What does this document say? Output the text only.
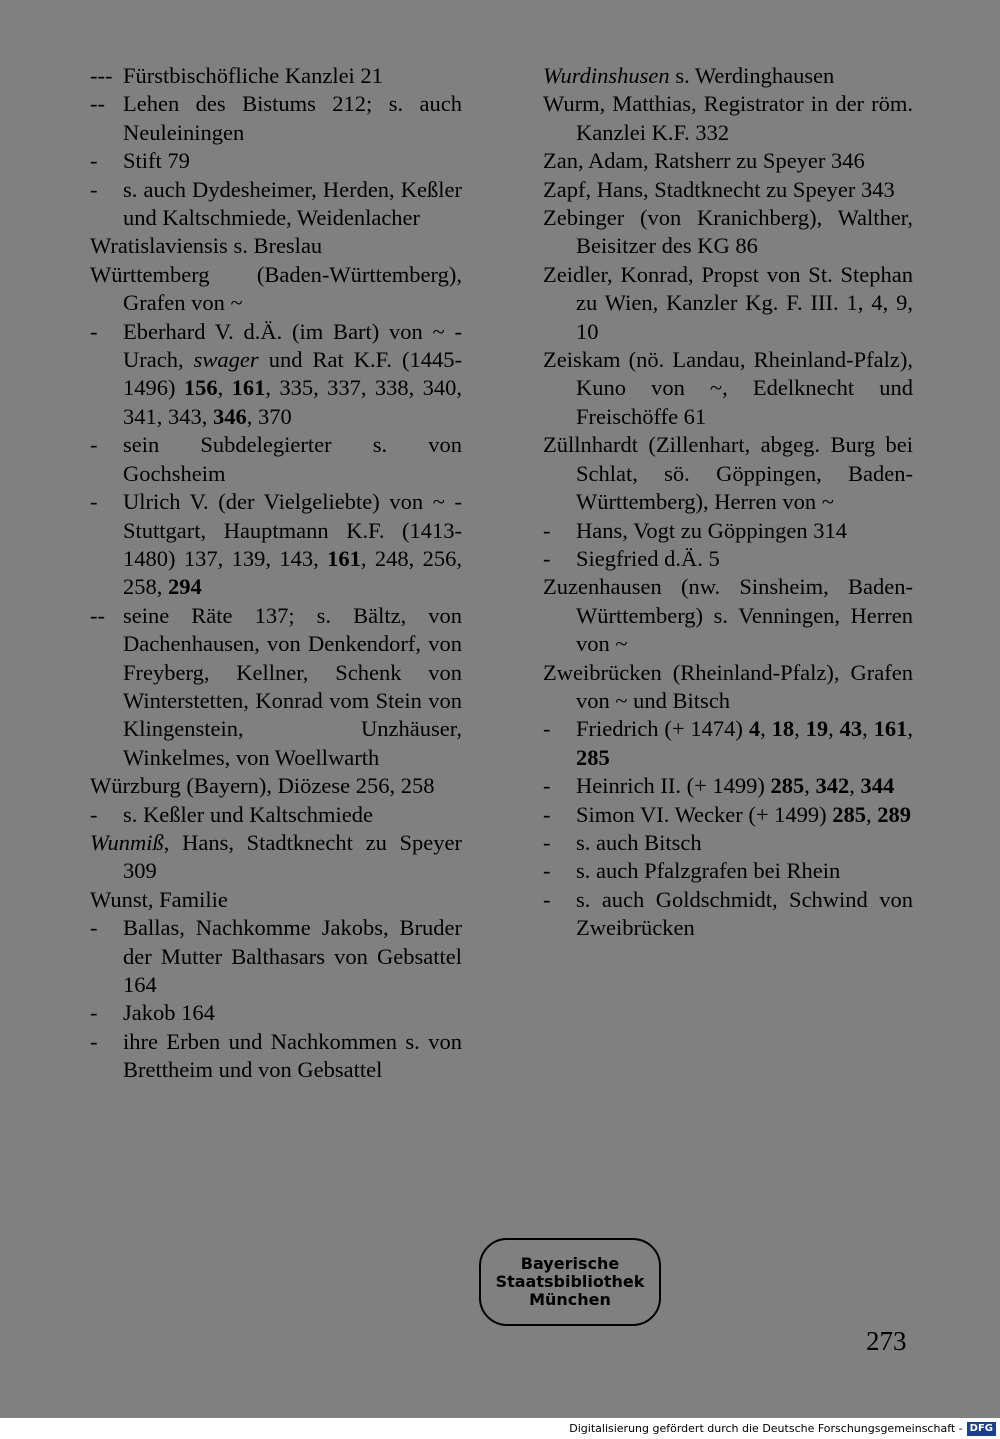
--- Fürstbischöfliche Kanzlei 21
-- Lehen des Bistums 212; s. auch Neuleiningen
- Stift 79
- s. auch Dydesheimer, Herden, Keßler und Kaltschmiede, Weidenlacher
Wratislaviensis s. Breslau
Württemberg (Baden-Württemberg), Grafen von ~
- Eberhard V. d.Ä. (im Bart) von ~ -Urach, swager und Rat K.F. (1445-1496) 156, 161, 335, 337, 338, 340, 341, 343, 346, 370
- sein Subdelegierter s. von Gochsheim
- Ulrich V. (der Vielgeliebte) von ~ -Stuttgart, Hauptmann K.F. (1413-1480) 137, 139, 143, 161, 248, 256, 258, 294
-- seine Räte 137; s. Bältz, von Dachenhausen, von Denkendorf, von Freyberg, Kellner, Schenk von Winterstetten, Konrad vom Stein von Klingenstein, Unzhäuser, Winkelmes, von Woellwarth
Würzburg (Bayern), Diözese 256, 258
- s. Keßler und Kaltschmiede
Wunmiß, Hans, Stadtknecht zu Speyer 309
Wunst, Familie
- Ballas, Nachkomme Jakobs, Bruder der Mutter Balthasars von Gebsattel 164
- Jakob 164
- ihre Erben und Nachkommen s. von Brettheim und von Gebsattel
Wurdinshusen s. Werdinghausen
Wurm, Matthias, Registrator in der röm. Kanzlei K.F. 332
Zan, Adam, Ratsherr zu Speyer 346
Zapf, Hans, Stadtknecht zu Speyer 343
Zebinger (von Kranichberg), Walther, Beisitzer des KG 86
Zeidler, Konrad, Propst von St. Stephan zu Wien, Kanzler Kg. F. III. 1, 4, 9, 10
Zeiskam (nö. Landau, Rheinland-Pfalz), Kuno von ~, Edelknecht und Freischöffe 61
Züllnhardt (Zillenhart, abgeg. Burg bei Schlat, sö. Göppingen, Baden-Württemberg), Herren von ~
- Hans, Vogt zu Göppingen 314
- Siegfried d.Ä. 5
Zuzenhausen (nw. Sinsheim, Baden-Württemberg) s. Venningen, Herren von ~
Zweibrücken (Rheinland-Pfalz), Grafen von ~ und Bitsch
- Friedrich (+ 1474) 4, 18, 19, 43, 161, 285
- Heinrich II. (+ 1499) 285, 342, 344
- Simon VI. Wecker (+ 1499) 285, 289
- s. auch Bitsch
- s. auch Pfalzgrafen bei Rhein
- s. auch Goldschmidt, Schwind von Zweibrücken
Bayerische
Staatsbibliothek
München
273
Digitalisierung gefördert durch die Deutsche Forschungsgemeinschaft - DFG
